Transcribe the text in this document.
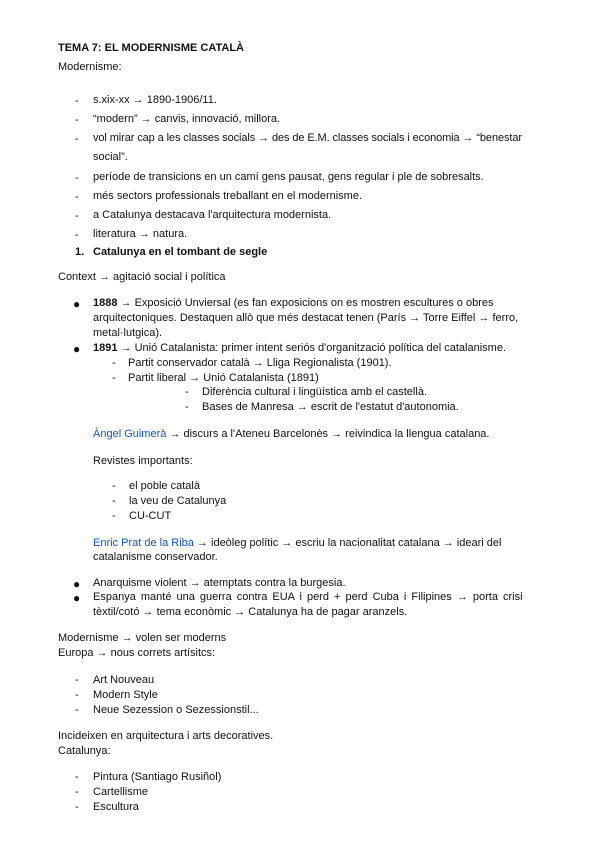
TEMA 7: EL MODERNISME CATALÀ
Modernisme:
- s.xix-xx → 1890-1906/11.
- “modern” → canvis, innovació, millora.
- vol mirar cap a les classes socials → des de E.M. classes socials i economia → “benestar
social”.
- període de transicions en un camí gens pausat, gens regular i ple de sobresalts.
- més sectors professionals treballant en el modernisme.
- a Catalunya destacava l'arquitectura modernista.
- literatura → natura.
1. Catalunya en el tombant de segle
Context → agitació social i política
● 1888 → Exposició Unviersal (es fan exposicions on es mostren escultures o obres
arquitectoniques. Destaquen allò que més destacat tenen (París → Torre Eiffel → ferro,
metal·lutgica).
● 1891 → Unió Catalanista: primer intent seriós d'organització política del catalanisme.
- Partit conservador català → Lliga Regionalista (1901).
- Partit liberal → Unió Catalanista (1891)
- Diferència cultural i lingüística amb el castellà.
- Bases de Manresa → escrit de l'estatut d'autonomia.
Àngel Guimerà → discurs a l'Ateneu Barcelonès → reivindica la llengua catalana.
Revistes importants:
- el poble català
- la veu de Catalunya
- CU-CUT
Enric Prat de la Riba → ideòleg polític → escriu la nacionalitat catalana → ideari del
catalanisme conservador.
● Anarquisme violent → atemptats contra la burgesia.
● Espanya manté una guerra contra EUA i perd + perd Cuba i Filipines → porta crisi
tèxtil/cotó → tema econòmic → Catalunya ha de pagar aranzels.
Modernisme → volen ser moderns
Europa → nous correts artísitcs:
- Art Nouveau
- Modern Style
- Neue Sezession o Sezessionstil...
Incideixen en arquitectura i arts decoratives.
Catalunya:
- Pintura (Santiago Rusiñol)
- Cartellisme
- Escultura
